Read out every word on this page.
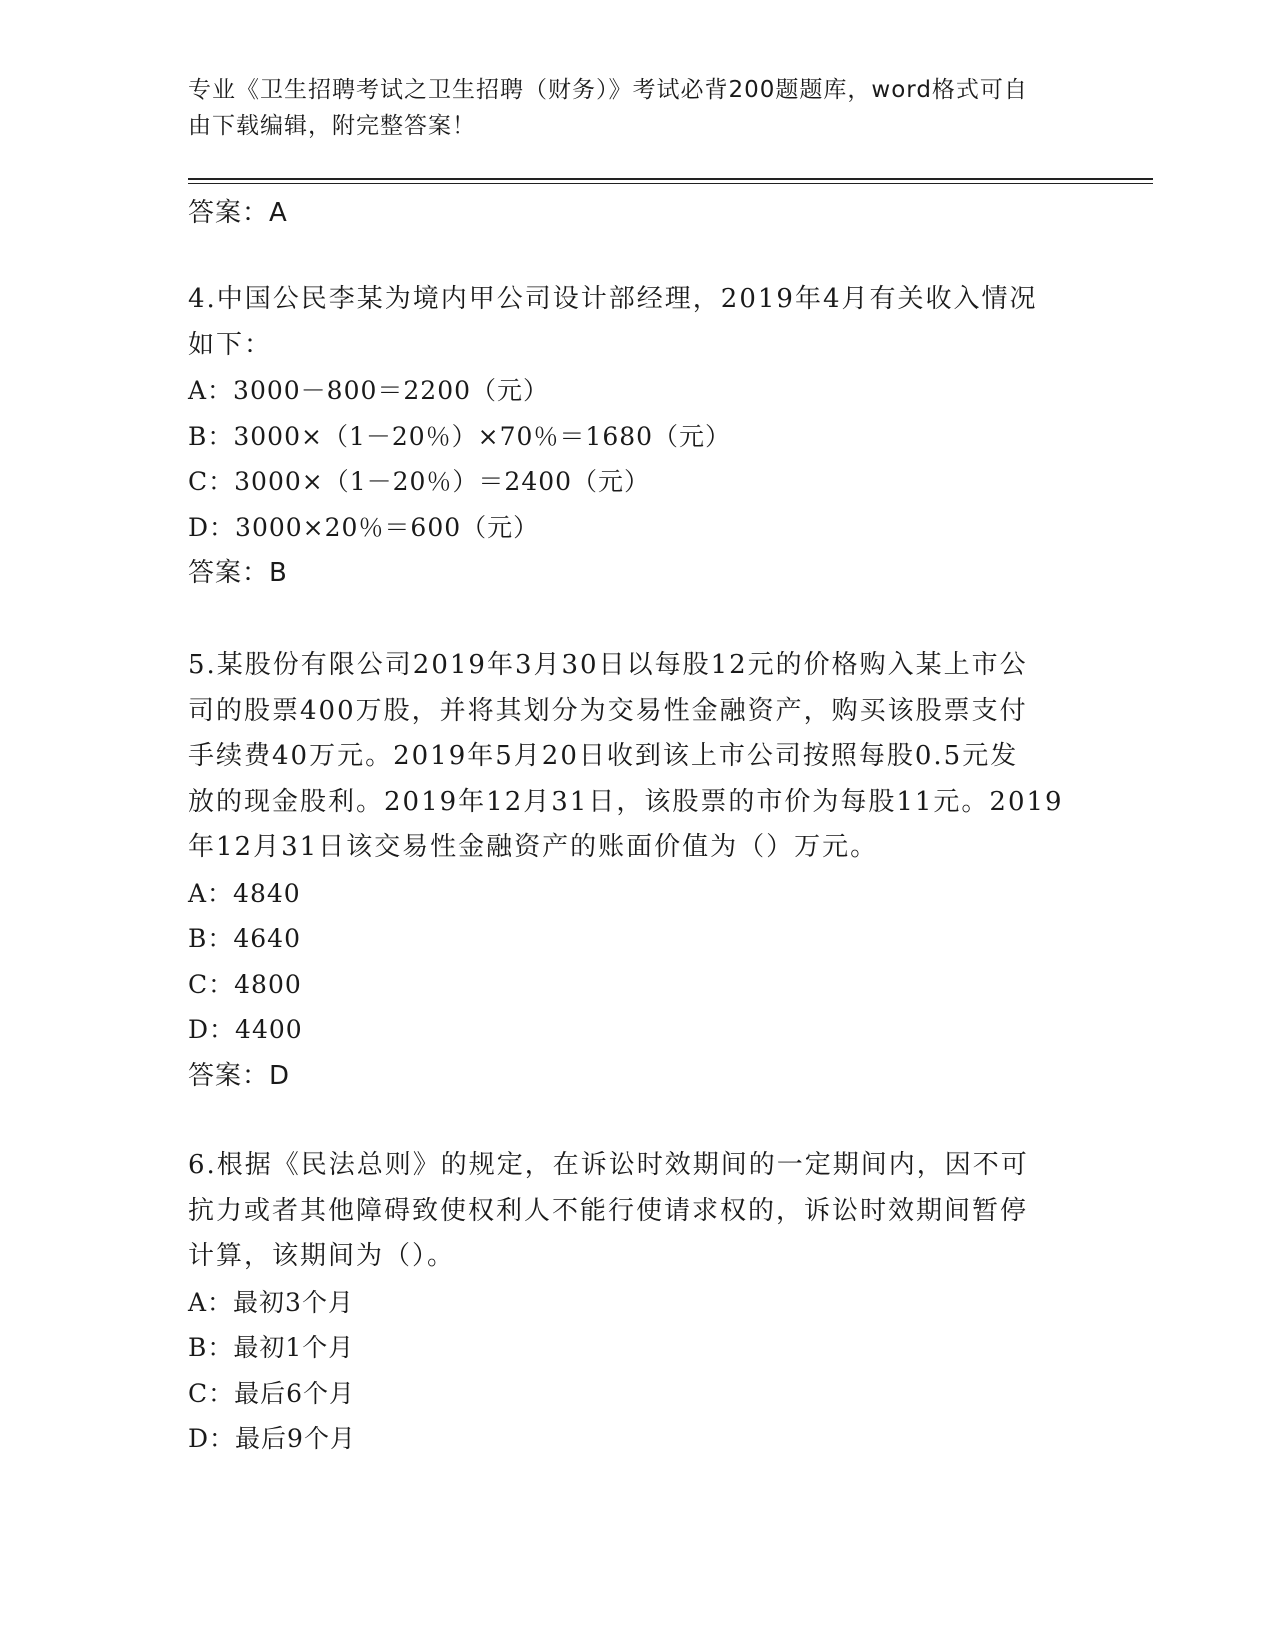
专业《卫生招聘考试之卫生招聘（财务）》考试必背200题题库，word格式可自

由下载编辑，附完整答案！

答案：A

4.中国公民李某为境内甲公司设计部经理，2019年4月有关收入情况

如下：

A：3000－800＝2200（元）

B：3000×（1－20％）×70％＝1680（元）

C：3000×（1－20％）＝2400（元）

D：3000×20％＝600（元）

答案：B

5.某股份有限公司2019年3月30日以每股12元的价格购入某上市公

司的股票400万股，并将其划分为交易性金融资产，购买该股票支付

手续费40万元。2019年5月20日收到该上市公司按照每股0.5元发

放的现金股利。2019年12月31日，该股票的市价为每股11元。2019

年12月31日该交易性金融资产的账面价值为（）万元。

A：4840

B：4640

C：4800

D：4400

答案：D

6.根据《民法总则》的规定，在诉讼时效期间的一定期间内，因不可

抗力或者其他障碍致使权利人不能行使请求权的，诉讼时效期间暂停

计算，该期间为（）。

A：最初3个月

B：最初1个月

C：最后6个月

D：最后9个月
